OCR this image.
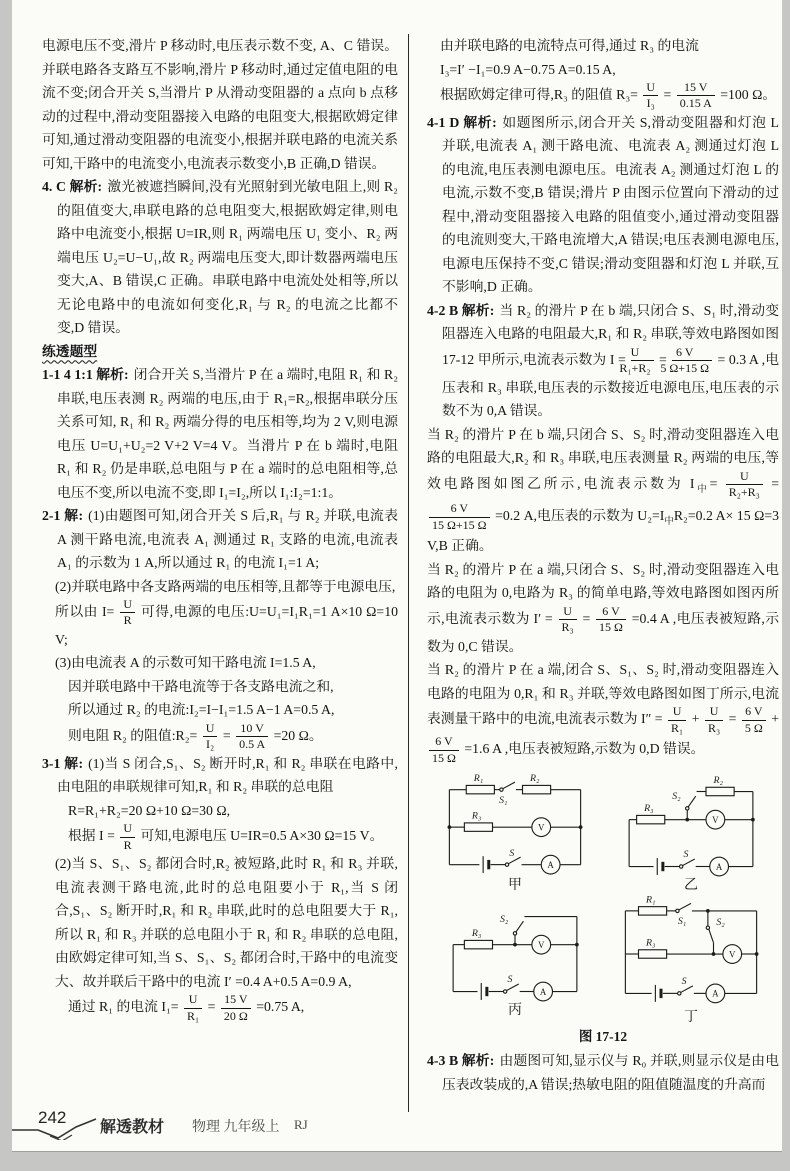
电源电压不变,滑片 P 移动时,电压表示数不变, A、C 错误。并联电路各支路互不影响,滑片 P 移动时,通过定值电阻的电流不变;闭合开关 S,当滑片 P 从滑动变阻器的 a 点向 b 点移动的过程中,滑动变阻器接入电路的电阻变大,根据欧姆定律可知,通过滑动变阻器的电流变小,根据并联电路的电流关系可知,干路中的电流变小,电流表示数变小,B 正确,D 错误。
4. C 解析: 激光被遮挡瞬间,没有光照射到光敏电阻上,则 R₂ 的阻值变大,串联电路的总电阻变大,根据欧姆定律,则电路中电流变小,根据 U=IR,则 R₁ 两端电压 U₁ 变小、R₂ 两端电压 U₂=U−U₁,故 R₂ 两端电压变大,即计数器两端电压变大,A、B 错误,C 正确。串联电路中电流处处相等,所以无论电路中的电流如何变化,R₁ 与 R₂ 的电流之比都不变,D 错误。
练透题型
1-1 4 1:1 解析: 闭合开关 S,当滑片 P 在 a 端时,电阻 R₁ 和 R₂ 串联,电压表测 R₂ 两端的电压,由于 R₁=R₂,根据串联分压关系可知, R₁ 和 R₂ 两端分得的电压相等,均为 2 V,则电源电压 U=U₁+U₂=2 V+2 V=4 V。当滑片 P 在 b 端时,电阻 R₁ 和 R₂ 仍是串联,总电阻与 P 在 a 端时的总电阻相等,总电压不变,所以电流不变,即 I₁=I₂,所以 I₁:I₂=1:1。
2-1 解: (1)由题图可知,闭合开关 S 后,R₁ 与 R₂ 并联,电流表 A 测干路电流,电流表 A₁ 测通过 R₁ 支路的电流,电流表 A₁ 的示数为 1 A,所以通过 R₁ 的电流 I₁=1 A;
(2)并联电路中各支路两端的电压相等,且都等于电源电压,
所以由 $I= \frac{U}{R}$ 可得,电源的电压:U=U₁=I₁R₁=1 A×10 Ω=10 V;
(3)由电流表 A 的示数可知干路电流 I=1.5 A,
因并联电路中干路电流等于各支路电流之和,
所以通过 R₂ 的电流:I₂=I−I₁=1.5 A−1 A=0.5 A,
则电阻 R₂ 的阻值:R₂= $\frac{U}{\text{I₂}} = \frac{10 V}{0.5 A} =20$ Ω。
3-1 解: (1)当 S 闭合,S₁、S₂ 断开时,R₁ 和 R₂ 串联在电路中,由电阻的串联规律可知,R₁ 和 R₂ 串联的总电阻
R=R₁+R₂=20 Ω+10 Ω=30 Ω,
根据 $I = \frac{U}{R}$ 可知,电源电压 U=IR=0.5 A×30 Ω=15 V。
(2)当 S、S₁、S₂ 都闭合时,R₂ 被短路,此时 R₁ 和 R₃ 并联,电流表测干路电流,此时的总电阻要小于 R₁,当 S 闭合,S₁、S₂ 断开时,R₁ 和 R₂ 串联,此时的总电阻要大于 R₁,所以 R₁ 和 R₃ 并联的总电阻小于 R₁ 和 R₂ 串联的总电阻,由欧姆定律可知,当 S、S₁、S₂ 都闭合时,干路中的电流变大、故并联后干路中的电流 I′ =0.4 A+0.5 A=0.9 A,
通过 R₁ 的电流 $I_1= \frac{U}{\text{R₁}} = \frac{15 V}{20 \Omega} =0.75$ A,
由并联电路的电流特点可得,通过 R₃ 的电流
I₃=I′ −I₁=0.9 A−0.75 A=0.15 A,
根据欧姆定律可得,R₃ 的阻值 $R_3= \frac{U}{\text{I₃}} = \frac{15 V}{0.15 A} =100$ Ω。
4-1 D 解析: 如题图所示,闭合开关 S,滑动变阻器和灯泡 L 并联,电流表 A₁ 测干路电流、电流表 A₂ 测通过灯泡 L 的电流,电压表测电源电压。电流表 A₂ 测通过灯泡 L 的电流,示数不变,B 错误;滑片 P 由图示位置向下滑动的过程中,滑动变阻器接入电路的阻值变小,通过滑动变阻器的电流则变大,干路电流增大,A 错误;电压表测电源电压,电源电压保持不变,C 错误;滑动变阻器和灯泡 L 并联,互不影响,D 正确。
4-2 B 解析: 当 R₂ 的滑片 P 在 b 端,只闭合 S、S₁ 时,滑动变阻器连入电路的电阻最大,R₁ 和 R₂ 串联,等效电路图如图 17-12 甲所示,电流表示数为 $I = \frac{U}{\text{R₁+R₂}} = \frac{6 V}{5 \Omega+15 \Omega} = 0.3$ A ,电压表和 R₃ 串联,电压表的示数接近电源电压,电压表的示数不为 0,A 错误。
当 R₂ 的滑片 P 在 b 端,只闭合 S、S₂ 时,滑动变阻器连入电路的电阻最大,R₂ 和 R₃ 串联,电压表测量 R₂ 两端的电压,等效电路图如图乙所示,电流表示数为 $I_中= \frac{U}{\text{R₂+R₃}}$ =
$\frac{6 V}{15 \Omega+15 \Omega} =0.2$ A,电压表的示数为 $U_2=I_中R_2=0.2$ A× 15 Ω=3 V,B 正确。
当 R₂ 的滑片 P 在 a 端,只闭合 S、S₂ 时,滑动变阻器连入电路的电阻为 0,电路为 R₃ 的简单电路,等效电路图如图丙所示,电流表示数为 $I' = \frac{U}{\text{R₃}} = \frac{6 V}{15 \Omega} =0.4$ A ,电压表被短路,示数为 0,C 错误。
当 R₂ 的滑片 P 在 a 端,闭合 S、S₁、S₂ 时,滑动变阻器连入电路的电阻为 0,R₁ 和 R₃ 并联,等效电路图如图丁所示,电流表测量干路中的电流,电流表示数为 $I'' = \frac{U}{\text{R₁}} + \frac{U}{\text{R₃}} = \frac{6 V}{5 \Omega}$ +
$\frac{6 V}{15 \Omega} =1.6$ A ,电压表被短路,示数为 0,D 错误。
R₁	R₂
S₁
R₃
S
V
A
甲
R₃
S₂
R₂
S
V
A
乙
R₃
S₂
S
V
A
丙
R₁
S₁	S₂
R₃
S
V
A
丁
图 17-12
4-3 B 解析: 由题图可知,显示仪与 R₀ 并联,则显示仪是由电压表改装成的,A 错误;热敏电阻的阻值随温度的升高而
242
解透教材 物理 九年级上 RJ
